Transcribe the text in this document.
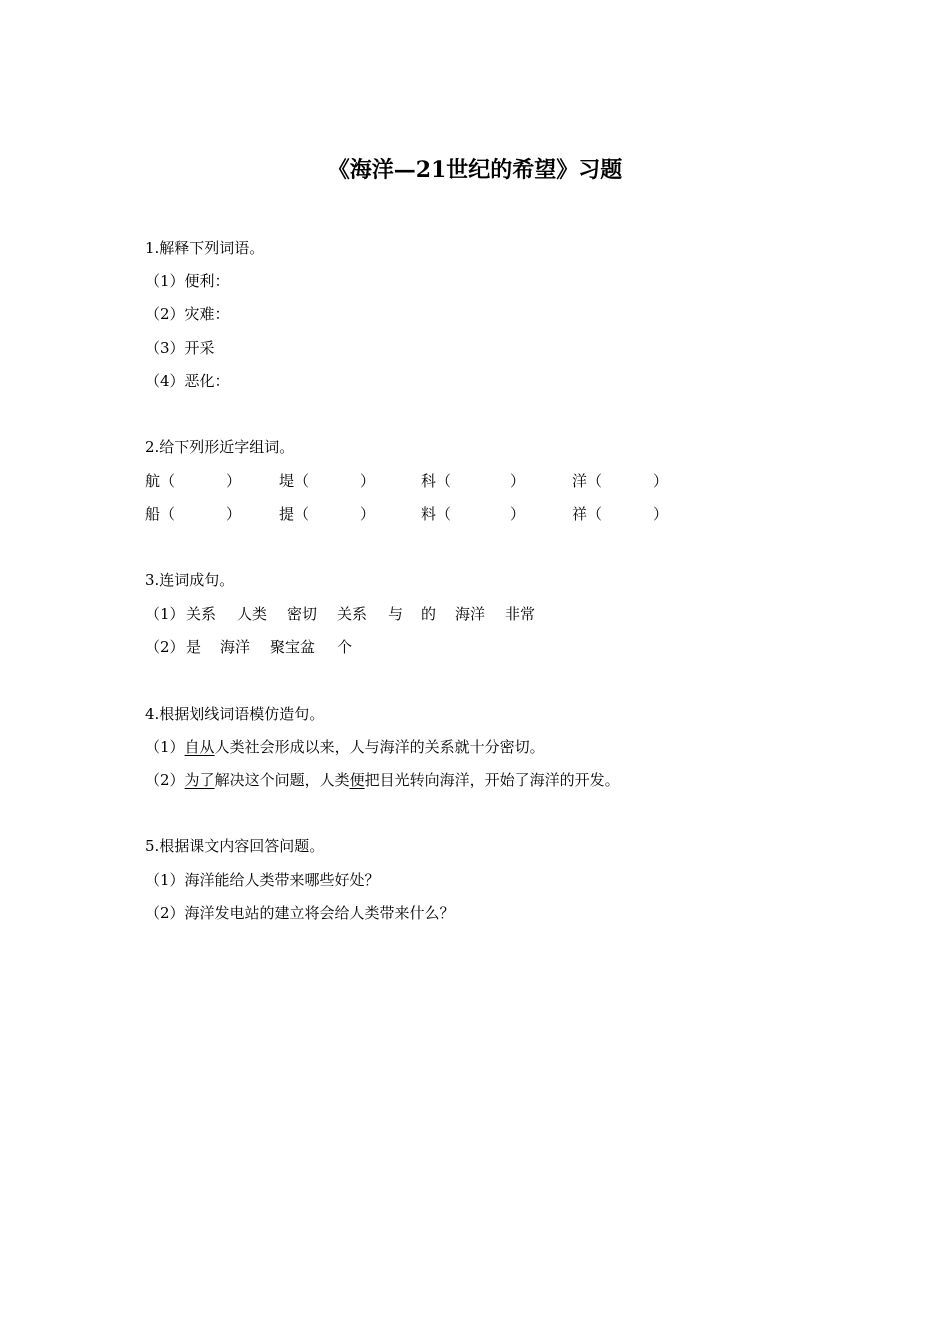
《海洋—21世纪的希望》习题
1.解释下列词语。
（1）便利：
（2）灾难：
（3）开采
（4）恶化：
2.给下列形近字组词。
航 （	）	堤 （	）	科 （	）	洋 （	）
船 （	）	提 （	）	料 （	）	祥 （	）
3.连词成句。
（1） 关系 人类 密切 关系 与 的 海洋 非常
（2） 是 海洋 聚宝盆 个
4.根据划线词语模仿造句。
（1）自从人类社会形成以来，人与海洋的关系就十分密切。
（2）为了解决这个问题，人类便把目光转向海洋，开始了海洋的开发。
5.根据课文内容回答问题。
（1）海洋能给人类带来哪些好处？
（2）海洋发电站的建立将会给人类带来什么？
